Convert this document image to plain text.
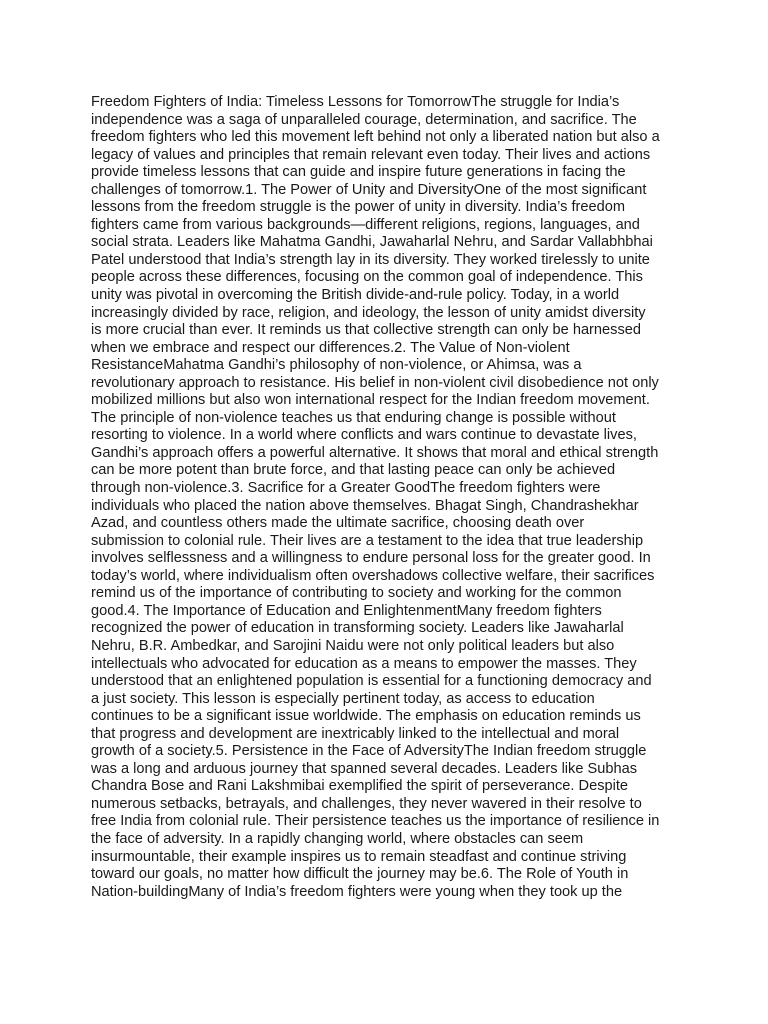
Freedom Fighters of India: Timeless Lessons for TomorrowThe struggle for India’s
independence was a saga of unparalleled courage, determination, and sacrifice. The
freedom fighters who led this movement left behind not only a liberated nation but also a
legacy of values and principles that remain relevant even today. Their lives and actions
provide timeless lessons that can guide and inspire future generations in facing the
challenges of tomorrow.1. The Power of Unity and DiversityOne of the most significant
lessons from the freedom struggle is the power of unity in diversity. India’s freedom
fighters came from various backgrounds—different religions, regions, languages, and
social strata. Leaders like Mahatma Gandhi, Jawaharlal Nehru, and Sardar Vallabhbhai
Patel understood that India’s strength lay in its diversity. They worked tirelessly to unite
people across these differences, focusing on the common goal of independence. This
unity was pivotal in overcoming the British divide-and-rule policy. Today, in a world
increasingly divided by race, religion, and ideology, the lesson of unity amidst diversity
is more crucial than ever. It reminds us that collective strength can only be harnessed
when we embrace and respect our differences.2. The Value of Non-violent
ResistanceMahatma Gandhi’s philosophy of non-violence, or Ahimsa, was a
revolutionary approach to resistance. His belief in non-violent civil disobedience not only
mobilized millions but also won international respect for the Indian freedom movement.
The principle of non-violence teaches us that enduring change is possible without
resorting to violence. In a world where conflicts and wars continue to devastate lives,
Gandhi’s approach offers a powerful alternative. It shows that moral and ethical strength
can be more potent than brute force, and that lasting peace can only be achieved
through non-violence.3. Sacrifice for a Greater GoodThe freedom fighters were
individuals who placed the nation above themselves. Bhagat Singh, Chandrashekhar
Azad, and countless others made the ultimate sacrifice, choosing death over
submission to colonial rule. Their lives are a testament to the idea that true leadership
involves selflessness and a willingness to endure personal loss for the greater good. In
today’s world, where individualism often overshadows collective welfare, their sacrifices
remind us of the importance of contributing to society and working for the common
good.4. The Importance of Education and EnlightenmentMany freedom fighters
recognized the power of education in transforming society. Leaders like Jawaharlal
Nehru, B.R. Ambedkar, and Sarojini Naidu were not only political leaders but also
intellectuals who advocated for education as a means to empower the masses. They
understood that an enlightened population is essential for a functioning democracy and
a just society. This lesson is especially pertinent today, as access to education
continues to be a significant issue worldwide. The emphasis on education reminds us
that progress and development are inextricably linked to the intellectual and moral
growth of a society.5. Persistence in the Face of AdversityThe Indian freedom struggle
was a long and arduous journey that spanned several decades. Leaders like Subhas
Chandra Bose and Rani Lakshmibai exemplified the spirit of perseverance. Despite
numerous setbacks, betrayals, and challenges, they never wavered in their resolve to
free India from colonial rule. Their persistence teaches us the importance of resilience in
the face of adversity. In a rapidly changing world, where obstacles can seem
insurmountable, their example inspires us to remain steadfast and continue striving
toward our goals, no matter how difficult the journey may be.6. The Role of Youth in
Nation-buildingMany of India’s freedom fighters were young when they took up the
